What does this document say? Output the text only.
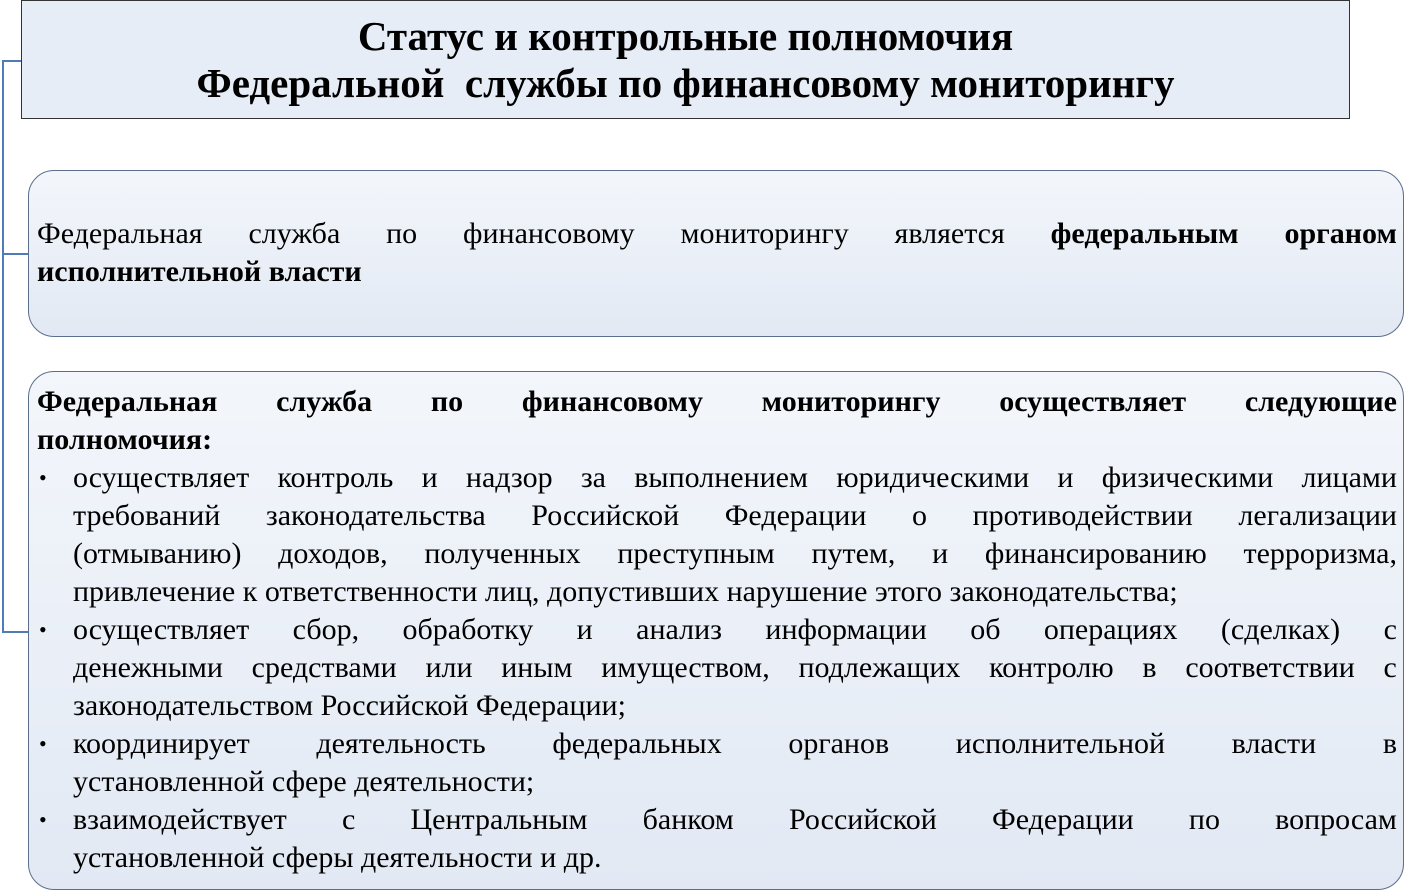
Статус и контрольные полномочия
Федеральной  службы по финансовому мониторингу
Федеральная служба по финансовому мониторингу является федеральным органом
исполнительной власти
Федеральная служба по финансовому мониторингу осуществляет следующие
полномочия:
• осуществляет контроль и надзор за выполнением юридическими и физическими лицами
требований законодательства Российской Федерации о противодействии легализации
(отмыванию) доходов, полученных преступным путем, и финансированию терроризма,
привлечение к ответственности лиц, допустивших нарушение этого законодательства;
• осуществляет сбор, обработку и анализ информации об операциях (сделках) с
денежными средствами или иным имуществом, подлежащих контролю в соответствии с
законодательством Российской Федерации;
• координирует деятельность федеральных органов исполнительной власти в
установленной сфере деятельности;
• взаимодействует с Центральным банком Российской Федерации по вопросам
установленной сферы деятельности и др.
